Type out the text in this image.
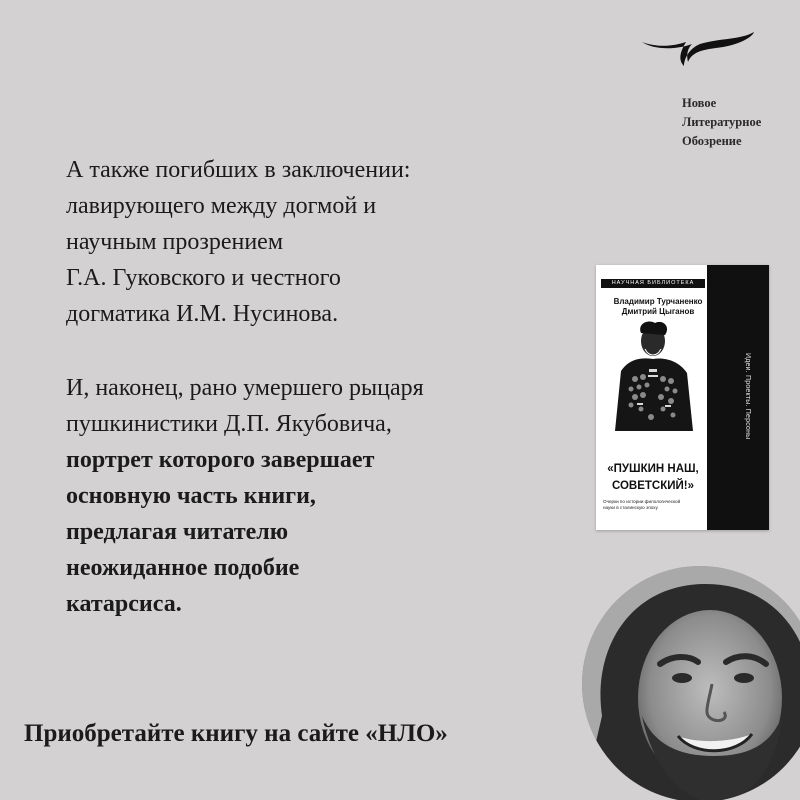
Новое
Литературное
Обозрение
А также погибших в заключении:
лавирующего между догмой и
научным прозрением
Г.А. Гуковского и честного
догматика И.М. Нусинова.
И, наконец, рано умершего рыцаря
пушкинистики Д.П. Якубовича,
портрет которого завершает
основную часть книги,
предлагая читателю
неожиданное подобие
катарсиса.
Приобретайте книгу на сайте «НЛО»
Идеи. Проекты. Персоны
НАУЧНАЯ БИБЛИОТЕКА
Владимир Турчаненко
Дмитрий Цыганов
«ПУШКИН НАШ,
СОВЕТСКИЙ!»
Очерки по истории филологической
науки в сталинскую эпоху
